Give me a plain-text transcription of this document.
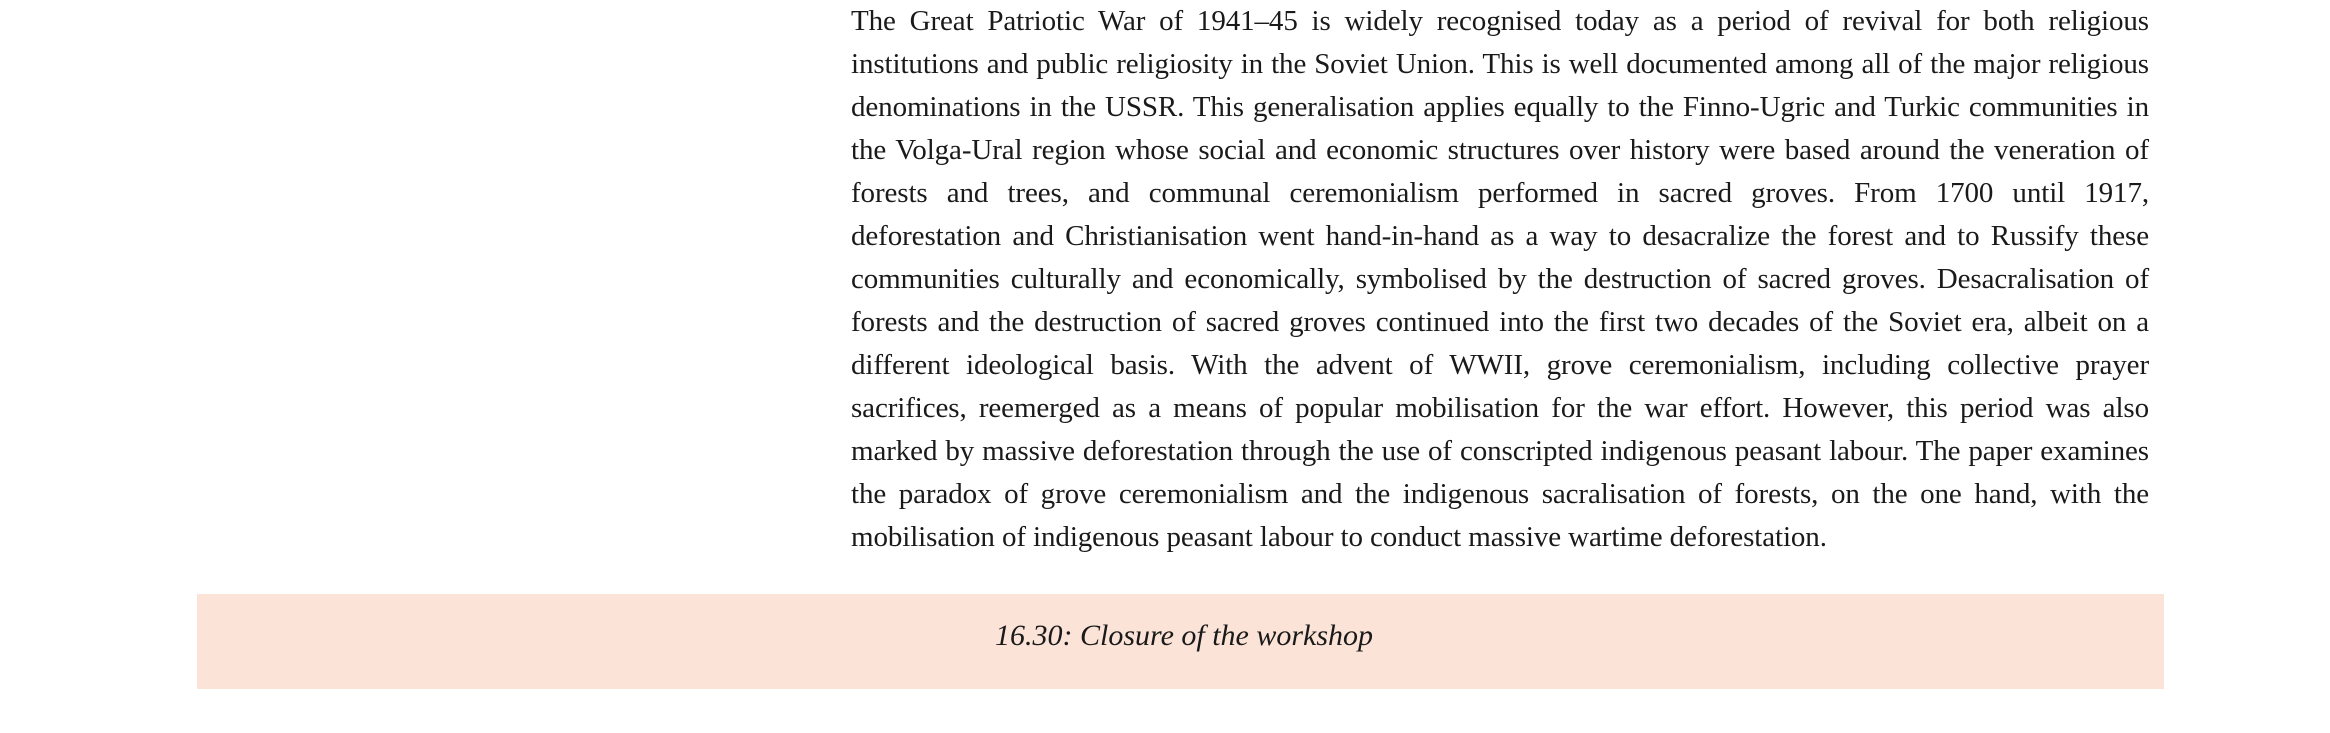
The Great Patriotic War of 1941–45 is widely recognised today as a period of revival for both religious institutions and public religiosity in the Soviet Union. This is well documented among all of the major religious denominations in the USSR. This generalisation applies equally to the Finno-Ugric and Turkic communities in the Volga-Ural region whose social and economic structures over history were based around the veneration of forests and trees, and communal ceremonialism performed in sacred groves. From 1700 until 1917, deforestation and Christianisation went hand-in-hand as a way to desacralize the forest and to Russify these communities culturally and economically, symbolised by the destruction of sacred groves. Desacralisation of forests and the destruction of sacred groves continued into the first two decades of the Soviet era, albeit on a different ideological basis. With the advent of WWII, grove ceremonialism, including collective prayer sacrifices, reemerged as a means of popular mobilisation for the war effort. However, this period was also marked by massive deforestation through the use of conscripted indigenous peasant labour. The paper examines the paradox of grove ceremonialism and the indigenous sacralisation of forests, on the one hand, with the mobilisation of indigenous peasant labour to conduct massive wartime deforestation.

16.30: Closure of the workshop
